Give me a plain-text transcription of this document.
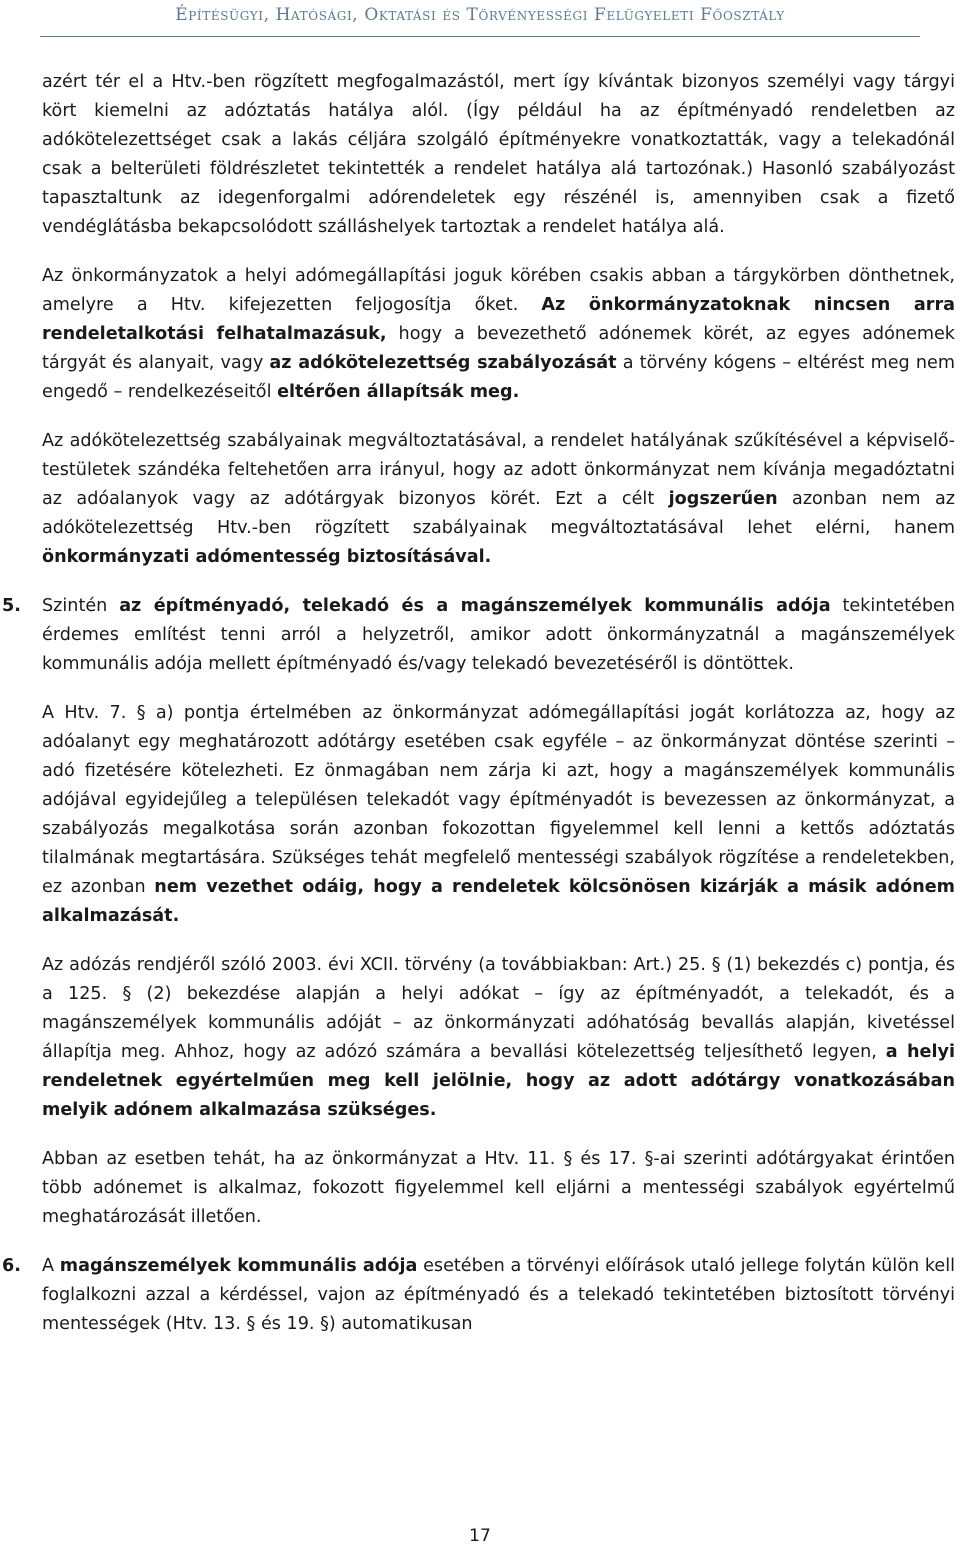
Építésügyi, Hatósági, Oktatási és Törvényességi Felügyeleti Főosztály

azért tér el a Htv.-ben rögzített megfogalmazástól, mert így kívántak bizonyos személyi vagy tárgyi kört kiemelni az adóztatás hatálya alól. (Így például ha az építményadó rendeletben az adókötelezettséget csak a lakás céljára szolgáló építményekre vonatkoztatták, vagy a telekadónál csak a belterületi földrészletet tekintették a rendelet hatálya alá tartozónak.) Hasonló szabályozást tapasztaltunk az idegenforgalmi adórendeletek egy részénél is, amennyiben csak a fizető vendéglátásba bekapcsolódott szálláshelyek tartoztak a rendelet hatálya alá.

Az önkormányzatok a helyi adómegállapítási joguk körében csakis abban a tárgykörben dönthetnek, amelyre a Htv. kifejezetten feljogosítja őket. Az önkormányzatoknak nincsen arra rendeletalkotási felhatalmazásuk, hogy a bevezethető adónemek körét, az egyes adónemek tárgyát és alanyait, vagy az adókötelezettség szabályozását a törvény kógens – eltérést meg nem engedő – rendelkezéseitől eltérően állapítsák meg.

Az adókötelezettség szabályainak megváltoztatásával, a rendelet hatályának szűkítésével a képviselő-testületek szándéka feltehetően arra irányul, hogy az adott önkormányzat nem kívánja megadóztatni az adóalanyok vagy az adótárgyak bizonyos körét. Ezt a célt jogszerűen azonban nem az adókötelezettség Htv.-ben rögzített szabályainak megváltoztatásával lehet elérni, hanem önkormányzati adómentesség biztosításával.

5. Szintén az építményadó, telekadó és a magánszemélyek kommunális adója tekintetében érdemes említést tenni arról a helyzetről, amikor adott önkormányzatnál a magánszemélyek kommunális adója mellett építményadó és/vagy telekadó bevezetéséről is döntöttek.

A Htv. 7. § a) pontja értelmében az önkormányzat adómegállapítási jogát korlátozza az, hogy az adóalanyt egy meghatározott adótárgy esetében csak egyféle – az önkormányzat döntése szerinti – adó fizetésére kötelezheti. Ez önmagában nem zárja ki azt, hogy a magánszemélyek kommunális adójával egyidejűleg a településen telekadót vagy építményadót is bevezessen az önkormányzat, a szabályozás megalkotása során azonban fokozottan figyelemmel kell lenni a kettős adóztatás tilalmának megtartására. Szükséges tehát megfelelő mentességi szabályok rögzítése a rendeletekben, ez azonban nem vezethet odáig, hogy a rendeletek kölcsönösen kizárják a másik adónem alkalmazását.

Az adózás rendjéről szóló 2003. évi XCII. törvény (a továbbiakban: Art.) 25. § (1) bekezdés c) pontja, és a 125. § (2) bekezdése alapján a helyi adókat – így az építményadót, a telekadót, és a magánszemélyek kommunális adóját – az önkormányzati adóhatóság bevallás alapján, kivetéssel állapítja meg. Ahhoz, hogy az adózó számára a bevallási kötelezettség teljesíthető legyen, a helyi rendeletnek egyértelműen meg kell jelölnie, hogy az adott adótárgy vonatkozásában melyik adónem alkalmazása szükséges.

Abban az esetben tehát, ha az önkormányzat a Htv. 11. § és 17. §-ai szerinti adótárgyakat érintően több adónemet is alkalmaz, fokozott figyelemmel kell eljárni a mentességi szabályok egyértelmű meghatározását illetően.

6. A magánszemélyek kommunális adója esetében a törvényi előírások utaló jellege folytán külön kell foglalkozni azzal a kérdéssel, vajon az építményadó és a telekadó tekintetében biztosított törvényi mentességek (Htv. 13. § és 19. §) automatikusan

17
